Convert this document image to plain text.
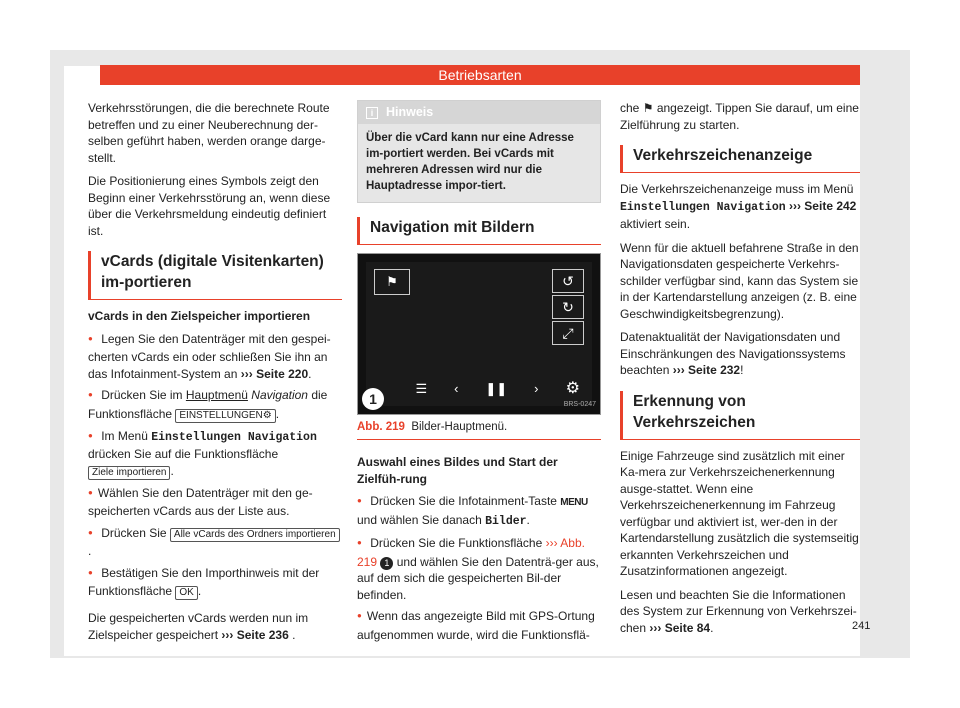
Betriebsarten

Verkehrsstörungen, die die berechnete Route betreffen und zu einer Neuberechnung der-selben geführt haben, werden orange darge-stellt.

Die Positionierung eines Symbols zeigt den Beginn einer Verkehrsstörung an, wenn diese über die Verkehrsmeldung eindeutig definiert ist.

vCards (digitale Visitenkarten) im-portieren
vCards in den Zielspeicher importieren
● Legen Sie den Datenträger mit den gespei-cherten vCards ein oder schließen Sie ihn an das Infotainment-System an ››› Seite 220.
● Drücken Sie im Hauptmenü Navigation die Funktionsfläche EINSTELLUNGEN⚙ .
● Im Menü Einstellungen Navigation drücken Sie auf die Funktionsfläche Ziele importieren .
● Wählen Sie den Datenträger mit den ge-speicherten vCards aus der Liste aus.
● Drücken Sie Alle vCards des Ordners importieren.
● Bestätigen Sie den Importhinweis mit der Funktionsfläche OK .

Die gespeicherten vCards werden nun im Zielspeicher gespeichert ››› Seite 236 .

i Hinweis
Über die vCard kann nur eine Adresse im-portiert werden. Bei vCards mit mehreren Adressen wird nur die Hauptadresse impor-tiert.
Navigation mit Bildern
⚑	↺
↻
⤢
☰ ‹ ❚❚ › ⚙
1	BRS-0247
Abb. 219 Bilder-Hauptmenü.
Auswahl eines Bildes und Start der Zielfüh-rung
● Drücken Sie die Infotainment-Taste MENU und wählen Sie danach Bilder.
● Drücken Sie die Funktionsfläche ››› Abb. 219 1 und wählen Sie den Datenträ-ger aus, auf dem sich die gespeicherten Bil-der befinden.
● Wenn das angezeigte Bild mit GPS-Ortung aufgenommen wurde, wird die Funktionsflä-

che ⚑ angezeigt. Tippen Sie darauf, um eine Zielführung zu starten.

Verkehrszeichenanzeige

Die Verkehrszeichenanzeige muss im Menü Einstellungen Navigation ››› Seite 242 aktiviert sein.

Wenn für die aktuell befahrene Straße in den Navigationsdaten gespeicherte Verkehrs-schilder verfügbar sind, kann das System sie in der Kartendarstellung anzeigen (z. B. eine Geschwindigkeitsbegrenzung).

Datenaktualität der Navigationsdaten und Einschränkungen des Navigationssystems beachten ››› Seite 232!

Erkennung von Verkehrszeichen

Einige Fahrzeuge sind zusätzlich mit einer Ka-mera zur Verkehrszeichenerkennung ausge-stattet. Wenn eine Verkehrszeichenerkennung im Fahrzeug verfügbar und aktiviert ist, wer-den in der Kartendarstellung zusätzlich die systemseitig erkannten Verkehrszeichen und Zusatzinformationen angezeigt.

Lesen und beachten Sie die Informationen des System zur Erkennung von Verkehrszei-chen ››› Seite 84.	241
